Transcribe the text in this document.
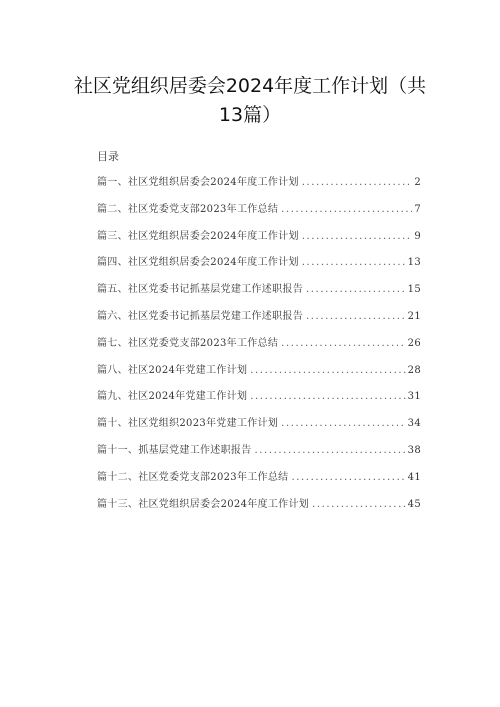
社区党组织居委会2024年度工作计划（共
13篇）
目录
篇一、社区党组织居委会2024年度工作计划 .....	2
篇二、社区党委党支部2023年工作总结 .....	7
篇三、社区党组织居委会2024年度工作计划 .....	9
篇四、社区党组织居委会2024年度工作计划 .....	13
篇五、社区党委书记抓基层党建工作述职报告 .....	15
篇六、社区党委书记抓基层党建工作述职报告 .....	21
篇七、社区党委党支部2023年工作总结 .....	26
篇八、社区2024年党建工作计划 .....	28
篇九、社区2024年党建工作计划 .....	31
篇十、社区党组织2023年党建工作计划 .....	34
篇十一、抓基层党建工作述职报告 .....	38
篇十二、社区党委党支部2023年工作总结 .....	41
篇十三、社区党组织居委会2024年度工作计划 .....	45
